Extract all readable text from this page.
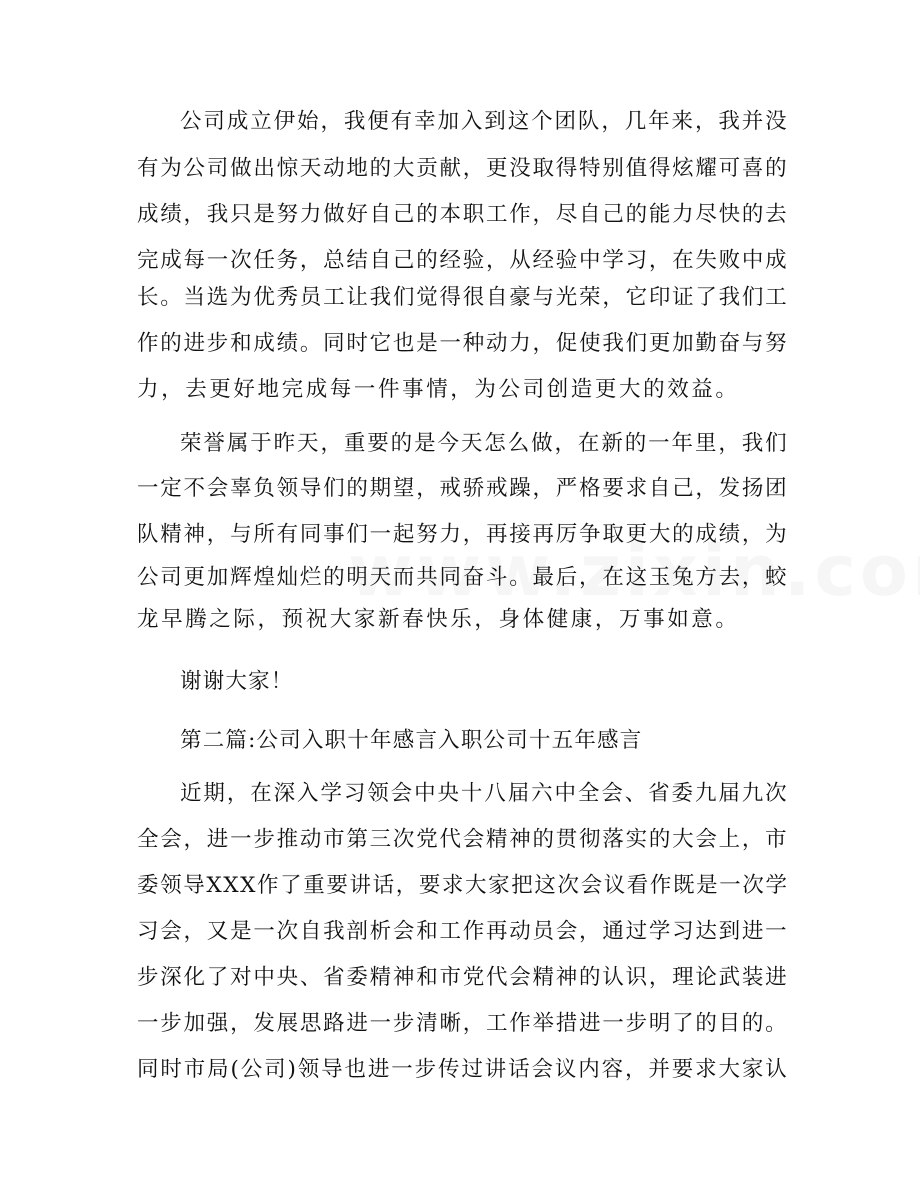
公 司 成 立 伊 始 ， 我 便 有 幸 加 入 到 这 个 团 队 ， 几 年 来 ， 我 并 没
有 为 公 司 做 出 惊 天 动 地 的 大 贡 献 ， 更 没 取 得 特 别 值 得 炫 耀 可 喜 的
成 绩 ， 我 只 是 努 力 做 好 自 己 的 本 职 工 作 ， 尽 自 己 的 能 力 尽 快 的 去
完 成 每 一 次 任 务 ， 总 结 自 己 的 经 验 ， 从 经 验 中 学 习 ， 在 失 败 中 成
长 。 当 选 为 优 秀 员 工 让 我 们 觉 得 很 自 豪 与 光 荣 ， 它 印 证 了 我 们 工
作 的 进 步 和 成 绩 。 同 时 它 也 是 一 种 动 力 ， 促 使 我 们 更 加 勤 奋 与 努
力，去更好地完成每一件事情，为公司创造更大的效益。
荣 誉 属 于 昨 天 ， 重 要 的 是 今 天 怎 么 做 ， 在 新 的 一 年 里 ， 我 们
一 定 不 会 辜 负 领 导 们 的 期 望 ， 戒 骄 戒 躁 ， 严 格 要 求 自 己 ， 发 扬 团
队 精 神 ， 与 所 有 同 事 们 一 起 努 力 ， 再 接 再 厉 争 取 更 大 的 成 绩 ， 为
公 司 更 加 辉 煌 灿 烂 的 明 天 而 共 同 奋 斗 。 最 后 ， 在 这 玉 兔 方 去 ， 蛟
龙早腾之际，预祝大家新春快乐，身体健康，万事如意。
谢谢大家！
第二篇:公司入职十年感言入职公司十五年感言
近 期 ， 在 深 入 学 习 领 会 中 央 十 八 届 六 中 全 会 、 省 委 九 届 九 次
全 会 ， 进 一 步 推 动 市 第 三 次 党 代 会 精 神 的 贯 彻 落 实 的 大 会 上 ， 市
委 领 导 X X X 作 了 重 要 讲 话 ， 要 求 大 家 把 这 次 会 议 看 作 既 是 一 次 学
习 会 ， 又 是 一 次 自 我 剖 析 会 和 工 作 再 动 员 会 ， 通 过 学 习 达 到 进 一
步 深 化 了 对 中 央 、 省 委 精 神 和 市 党 代 会 精 神 的 认 识 ， 理 论 武 装 进
一 步 加 强 ， 发 展 思 路 进 一 步 清 晰 ， 工 作 举 措 进 一 步 明 了 的 目 的 。
同 时 市 局 ( 公 司 ) 领 导 也 进 一 步 传 过 讲 话 会 议 内 容 ， 并 要 求 大 家 认
